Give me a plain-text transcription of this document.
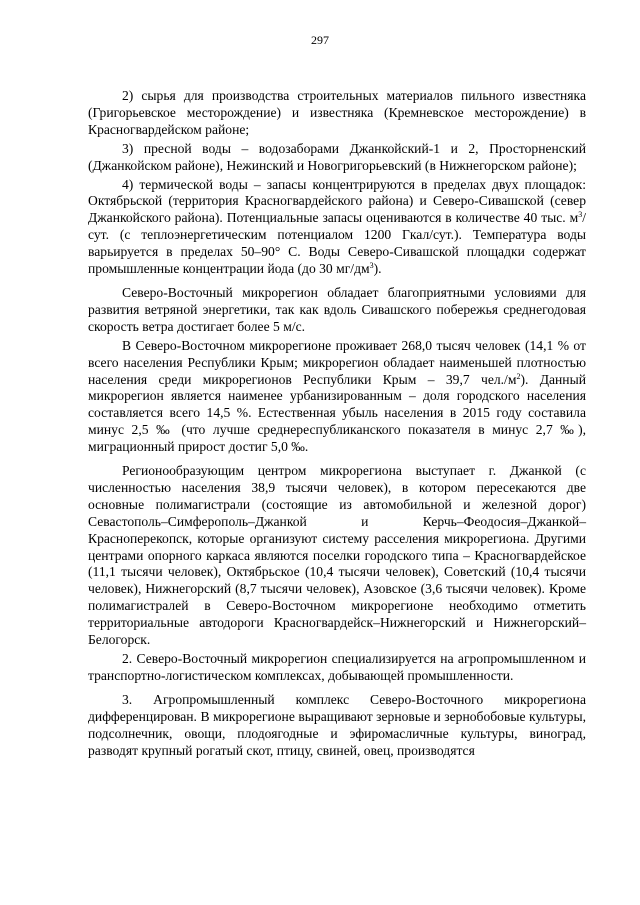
297

2) сырья для производства строительных материалов пильного известняка (Григорьевское месторождение) и известняка (Кремневское месторождение) в Красногвардейском районе;

3) пресной воды – водозаборами Джанкойский-1 и 2, Просторненский (Джанкойском районе), Нежинский и Новогригорьевский (в Нижнегорском районе);

4) термической воды – запасы концентрируются в пределах двух площадок: Октябрьской (территория Красногвардейского района) и Северо-Сивашской (север Джанкойского района). Потенциальные запасы оцениваются в количестве 40 тыс. $м^3$/сут. (с теплоэнергетическим потенциалом 1200 Гкал/сут.). Температура воды варьируется в пределах 50–90° С. Воды Северо-Сивашской площадки содержат промышленные концентрации йода (до 30 $мг/дм^3$).

Северо-Восточный микрорегион обладает благоприятными условиями для развития ветряной энергетики, так как вдоль Сивашского побережья среднегодовая скорость ветра достигает более 5 м/с.

В Северо-Восточном микрорегионе проживает 268,0 тысяч человек (14,1 % от всего населения Республики Крым; микрорегион обладает наименьшей плотностью населения среди микрорегионов Республики Крым – 39,7 $чел./м^2$). Данный микрорегион является наименее урбанизированным – доля городского населения составляется всего 14,5 %. Естественная убыль населения в 2015 году составила минус 2,5 ‰ (что лучше среднереспубликанского показателя в минус 2,7 ‰), миграционный прирост достиг 5,0 ‰.

Регионообразующим центром микрорегиона выступает г. Джанкой (с численностью населения 38,9 тысячи человек), в котором пересекаются две основные полимагистрали (состоящие из автомобильной и железной дорог) Севастополь–Симферополь–Джанкой и Керчь–Феодосия–Джанкой–Красноперекопск, которые организуют систему расселения микрорегиона. Другими центрами опорного каркаса являются поселки городского типа – Красногвардейское (11,1 тысячи человек), Октябрьское (10,4 тысячи человек), Советский (10,4 тысячи человек), Нижнегорский (8,7 тысячи человек), Азовское (3,6 тысячи человек). Кроме полимагистралей в Северо-Восточном микрорегионе необходимо отметить территориальные автодороги Красногвардейск–Нижнегорский и Нижнегорский–Белогорск.

2. Северо-Восточный микрорегион специализируется на агропромышленном и транспортно-логистическом комплексах, добывающей промышленности.

3. Агропромышленный комплекс Северо-Восточного микрорегиона дифференцирован. В микрорегионе выращивают зерновые и зернобобовые культуры, подсолнечник, овощи, плодоягодные и эфиромасличные культуры, виноград, разводят крупный рогатый скот, птицу, свиней, овец, производятся
